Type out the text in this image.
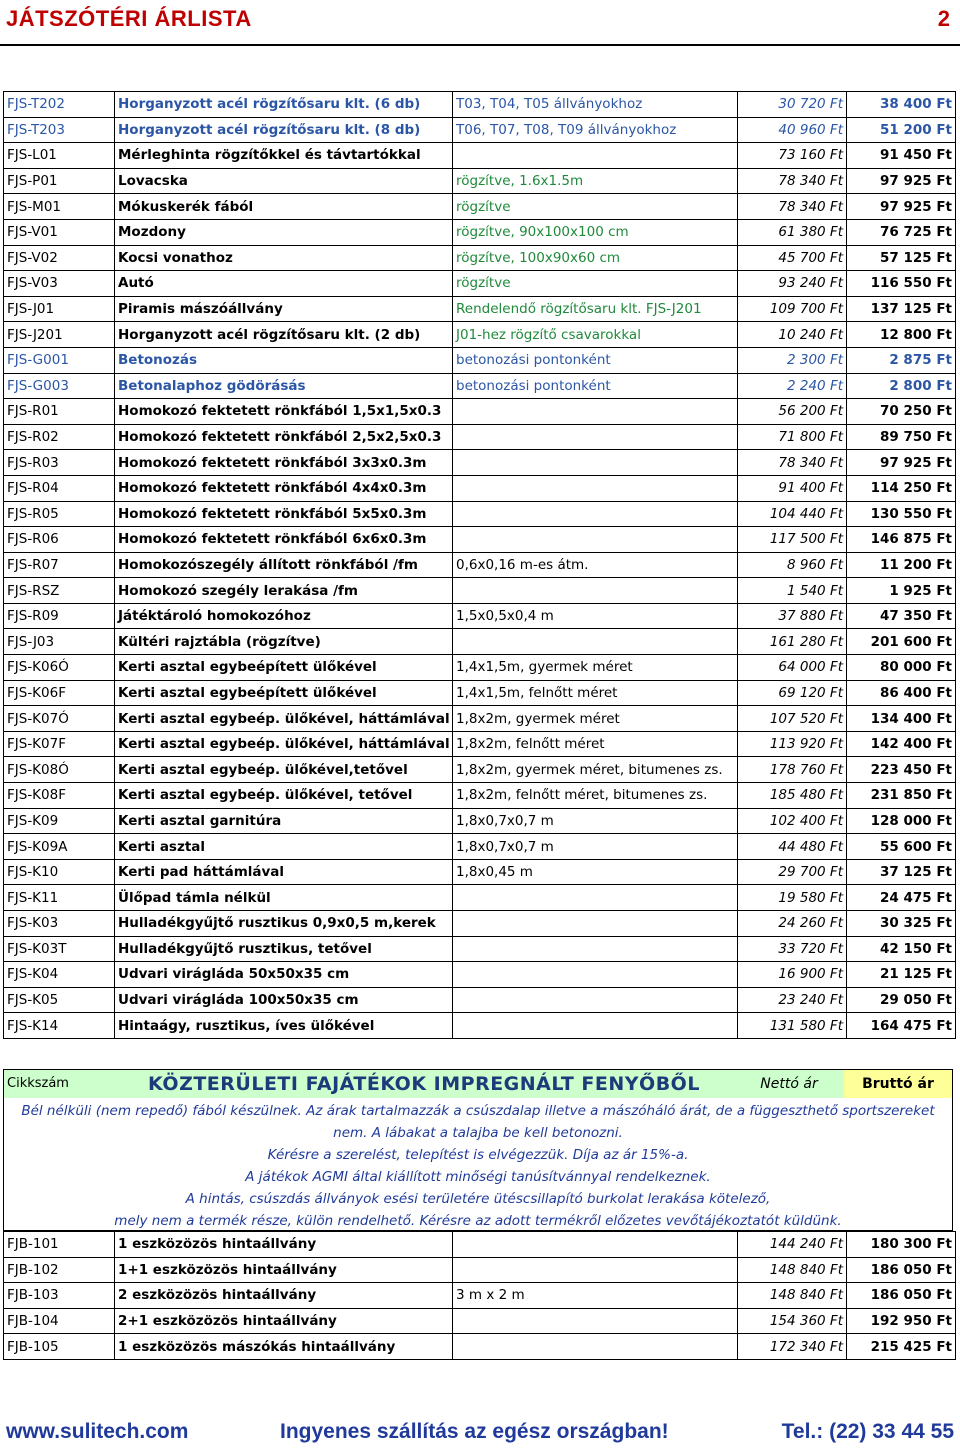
JÁTSZÓTÉRI ÁRLISTA	2
FJS-T202	Horganyzott acél rögzítősaru klt. (6 db)	T03, T04, T05 állványokhoz	30 720 Ft	38 400 Ft
FJS-T203	Horganyzott acél rögzítősaru klt. (8 db)	T06, T07, T08, T09 állványokhoz	40 960 Ft	51 200 Ft
FJS-L01	Mérleghinta rögzítőkkel és távtartókkal		73 160 Ft	91 450 Ft
FJS-P01	Lovacska	rögzítve, 1.6x1.5m	78 340 Ft	97 925 Ft
FJS-M01	Mókuskerék fából	rögzítve	78 340 Ft	97 925 Ft
FJS-V01	Mozdony	rögzítve, 90x100x100 cm	61 380 Ft	76 725 Ft
FJS-V02	Kocsi vonathoz	rögzítve, 100x90x60 cm	45 700 Ft	57 125 Ft
FJS-V03	Autó	rögzítve	93 240 Ft	116 550 Ft
FJS-J01	Piramis mászóállvány	Rendelendő rögzítősaru klt. FJS-J201	109 700 Ft	137 125 Ft
FJS-J201	Horganyzott acél rögzítősaru klt. (2 db)	J01-hez rögzítő csavarokkal	10 240 Ft	12 800 Ft
FJS-G001	Betonozás	betonozási pontonként	2 300 Ft	2 875 Ft
FJS-G003	Betonalaphoz gödörásás	betonozási pontonként	2 240 Ft	2 800 Ft
FJS-R01	Homokozó fektetett rönkfából 1,5x1,5x0.3		56 200 Ft	70 250 Ft
FJS-R02	Homokozó fektetett rönkfából 2,5x2,5x0.3		71 800 Ft	89 750 Ft
FJS-R03	Homokozó fektetett rönkfából 3x3x0.3m		78 340 Ft	97 925 Ft
FJS-R04	Homokozó fektetett rönkfából 4x4x0.3m		91 400 Ft	114 250 Ft
FJS-R05	Homokozó fektetett rönkfából 5x5x0.3m		104 440 Ft	130 550 Ft
FJS-R06	Homokozó fektetett rönkfából 6x6x0.3m		117 500 Ft	146 875 Ft
FJS-R07	Homokozószegély állított rönkfából /fm	0,6x0,16 m-es átm.	8 960 Ft	11 200 Ft
FJS-RSZ	Homokozó szegély lerakása /fm		1 540 Ft	1 925 Ft
FJS-R09	Játéktároló homokozóhoz	1,5x0,5x0,4 m	37 880 Ft	47 350 Ft
FJS-J03	Kültéri rajztábla (rögzítve)		161 280 Ft	201 600 Ft
FJS-K06Ó	Kerti asztal egybeépített ülőkével	1,4x1,5m, gyermek méret	64 000 Ft	80 000 Ft
FJS-K06F	Kerti asztal egybeépített ülőkével	1,4x1,5m, felnőtt méret	69 120 Ft	86 400 Ft
FJS-K07Ó	Kerti asztal egybeép. ülőkével, háttámlával	1,8x2m, gyermek méret	107 520 Ft	134 400 Ft
FJS-K07F	Kerti asztal egybeép. ülőkével, háttámlával	1,8x2m, felnőtt méret	113 920 Ft	142 400 Ft
FJS-K08Ó	Kerti asztal egybeép. ülőkével,tetővel	1,8x2m, gyermek méret, bitumenes zs.	178 760 Ft	223 450 Ft
FJS-K08F	Kerti asztal egybeép. ülőkével, tetővel	1,8x2m, felnőtt méret, bitumenes zs.	185 480 Ft	231 850 Ft
FJS-K09	Kerti asztal garnitúra	1,8x0,7x0,7 m	102 400 Ft	128 000 Ft
FJS-K09A	Kerti asztal	1,8x0,7x0,7 m	44 480 Ft	55 600 Ft
FJS-K10	Kerti pad háttámlával	1,8x0,45 m	29 700 Ft	37 125 Ft
FJS-K11	Ülőpad támla nélkül		19 580 Ft	24 475 Ft
FJS-K03	Hulladékgyűjtő rusztikus 0,9x0,5 m,kerek		24 260 Ft	30 325 Ft
FJS-K03T	Hulladékgyűjtő rusztikus, tetővel		33 720 Ft	42 150 Ft
FJS-K04	Udvari virágláda 50x50x35 cm		16 900 Ft	21 125 Ft
FJS-K05	Udvari virágláda 100x50x35 cm		23 240 Ft	29 050 Ft
FJS-K14	Hintaágy, rusztikus, íves ülőkével		131 580 Ft	164 475 Ft
Cikkszám	KÖZTERÜLETI FAJÁTÉKOK IMPREGNÁLT FENYŐBŐL	Nettó ár	Bruttó ár
Bél nélküli (nem repedő) fából készülnek. Az árak tartalmazzák a csúszdalap illetve a mászóháló árát, de a függeszthető sportszereket
nem. A lábakat a talajba be kell betonozni.
Kérésre a szerelést, telepítést is elvégezzük. Díja az ár 15%-a.
A játékok AGMI által kiállított minőségi tanúsítvánnyal rendelkeznek.
A hintás, csúszdás állványok esési területére ütéscsillapító burkolat lerakása kötelező,
mely nem a termék része, külön rendelhető. Kérésre az adott termékről előzetes vevőtájékoztatót küldünk.
FJB-101	1 eszközözös hintaállvány		144 240 Ft	180 300 Ft
FJB-102	1+1 eszközözös hintaállvány		148 840 Ft	186 050 Ft
FJB-103	2 eszközözös hintaállvány	3 m x 2 m	148 840 Ft	186 050 Ft
FJB-104	2+1 eszközözös hintaállvány		154 360 Ft	192 950 Ft
FJB-105	1 eszközözös mászókás hintaállvány		172 340 Ft	215 425 Ft
www.sulitech.com	Ingyenes szállítás az egész országban!	Tel.: (22) 33 44 55
